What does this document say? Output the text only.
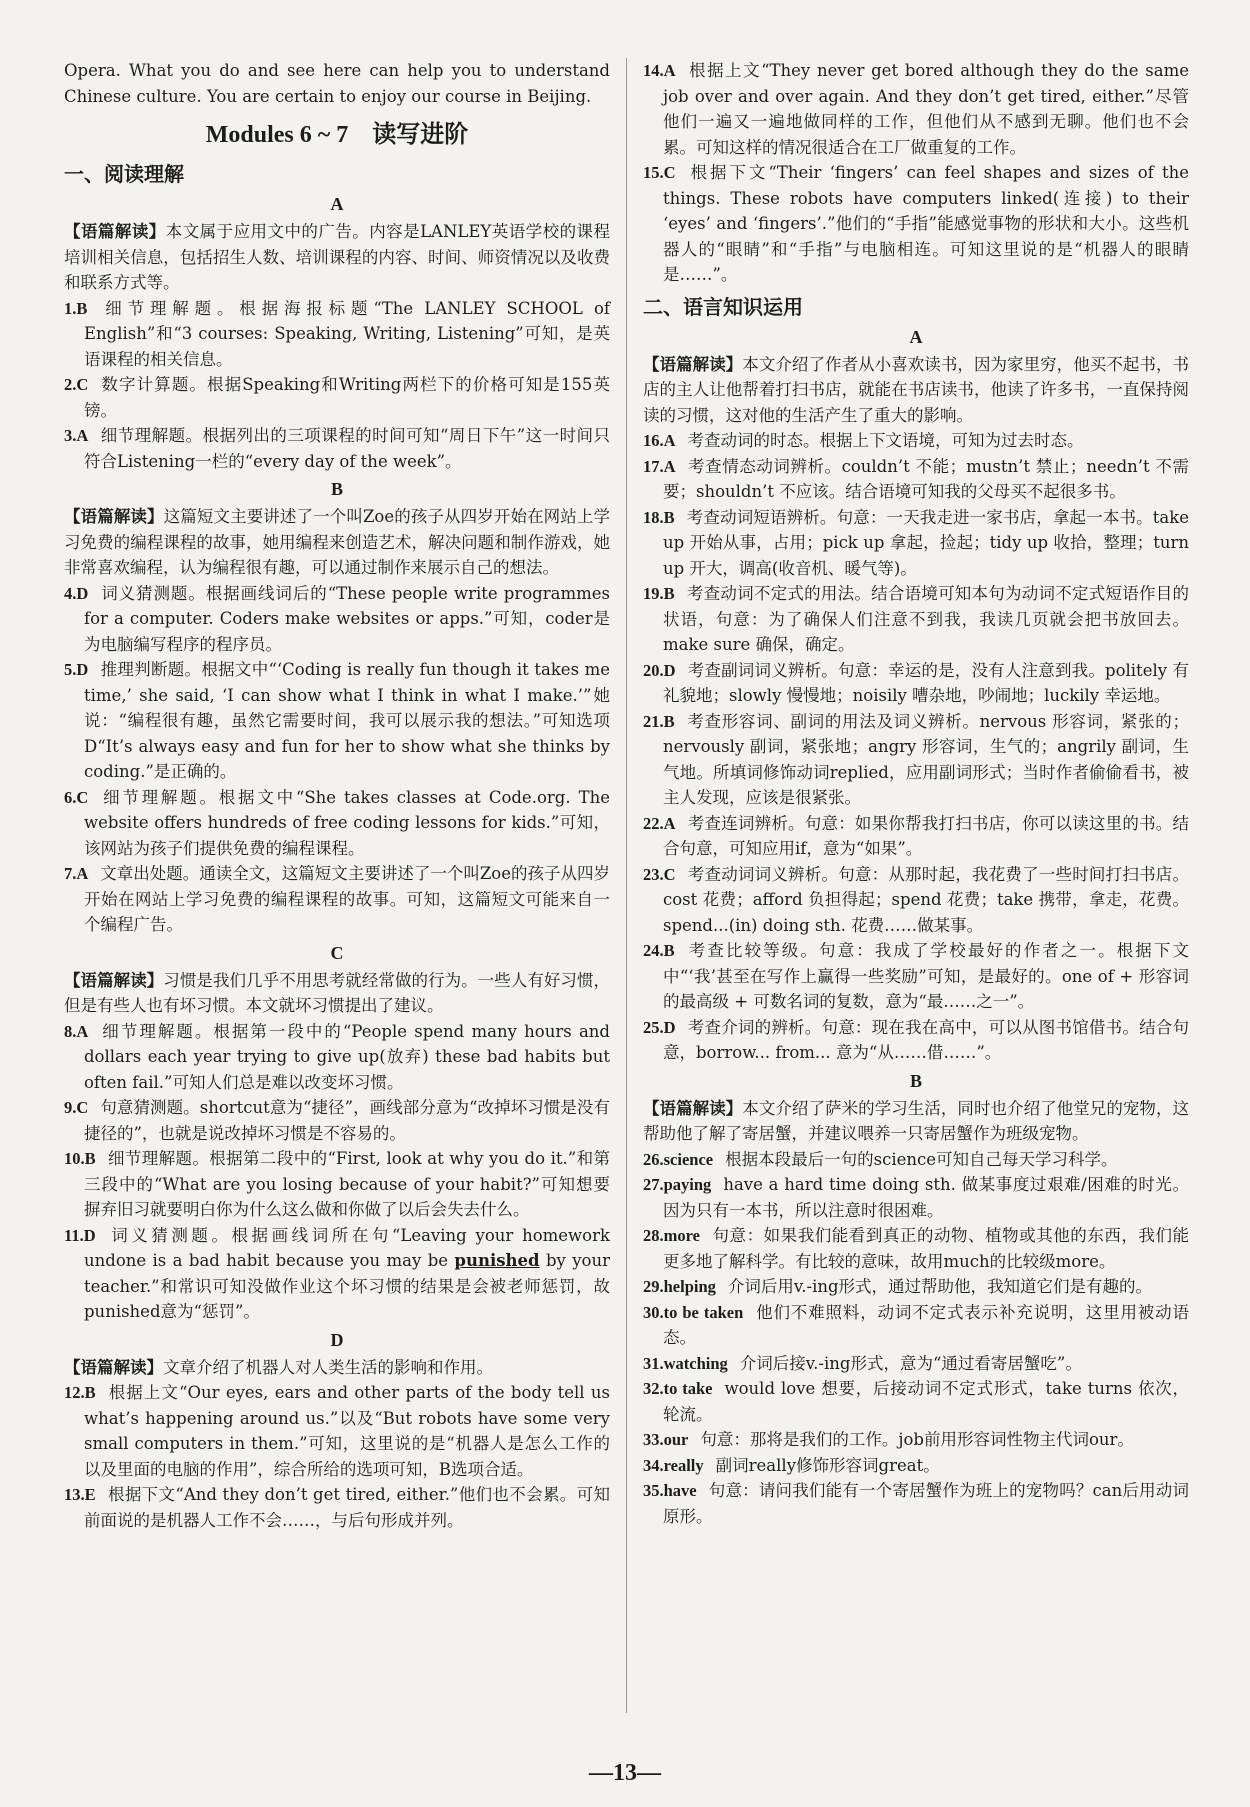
Opera. What you do and see here can help you to understand Chinese culture. You are certain to enjoy our course in Beijing.

Modules 6 ~ 7　读写进阶
一、阅读理解
A

【语篇解读】本文属于应用文中的广告。内容是LANLEY英语学校的课程培训相关信息，包括招生人数、培训课程的内容、时间、师资情况以及收费和联系方式等。

1.B 细节理解题。根据海报标题“The LANLEY SCHOOL of English”和“3 courses: Speaking, Writing, Listening”可知，是英语课程的相关信息。

2.C 数字计算题。根据Speaking和Writing两栏下的价格可知是155英镑。

3.A 细节理解题。根据列出的三项课程的时间可知“周日下午”这一时间只符合Listening一栏的“every day of the week”。

B

【语篇解读】这篇短文主要讲述了一个叫Zoe的孩子从四岁开始在网站上学习免费的编程课程的故事，她用编程来创造艺术，解决问题和制作游戏，她非常喜欢编程，认为编程很有趣，可以通过制作来展示自己的想法。

4.D 词义猜测题。根据画线词后的“These people write programmes for a computer. Coders make websites or apps.”可知，coder是为电脑编写程序的程序员。

5.D 推理判断题。根据文中“‘Coding is really fun though it takes me time,’ she said, ‘I can show what I think in what I make.’”她说：“编程很有趣，虽然它需要时间，我可以展示我的想法。”可知选项D“It’s always easy and fun for her to show what she thinks by coding.”是正确的。

6.C 细节理解题。根据文中“She takes classes at Code.org. The website offers hundreds of free coding lessons for kids.”可知，该网站为孩子们提供免费的编程课程。

7.A 文章出处题。通读全文，这篇短文主要讲述了一个叫Zoe的孩子从四岁开始在网站上学习免费的编程课程的故事。可知，这篇短文可能来自一个编程广告。

C

【语篇解读】习惯是我们几乎不用思考就经常做的行为。一些人有好习惯，但是有些人也有坏习惯。本文就坏习惯提出了建议。

8.A 细节理解题。根据第一段中的“People spend many hours and dollars each year trying to give up(放弃) these bad habits but often fail.”可知人们总是难以改变坏习惯。

9.C 句意猜测题。shortcut意为“捷径”，画线部分意为“改掉坏习惯是没有捷径的”，也就是说改掉坏习惯是不容易的。

10.B 细节理解题。根据第二段中的“First, look at why you do it.”和第三段中的“What are you losing because of your habit?”可知想要摒弃旧习就要明白你为什么这么做和你做了以后会失去什么。

11.D 词义猜测题。根据画线词所在句“Leaving your homework undone is a bad habit because you may be punished by your teacher.”和常识可知没做作业这个坏习惯的结果是会被老师惩罚，故punished意为“惩罚”。

D

【语篇解读】文章介绍了机器人对人类生活的影响和作用。

12.B 根据上文“Our eyes, ears and other parts of the body tell us what’s happening around us.”以及“But robots have some very small computers in them.”可知，这里说的是“机器人是怎么工作的以及里面的电脑的作用”，综合所给的选项可知，B选项合适。

13.E 根据下文“And they don’t get tired, either.”他们也不会累。可知前面说的是机器人工作不会……，与后句形成并列。

14.A 根据上文“They never get bored although they do the same job over and over again. And they don’t get tired, either.”尽管他们一遍又一遍地做同样的工作，但他们从不感到无聊。他们也不会累。可知这样的情况很适合在工厂做重复的工作。

15.C 根据下文“Their ‘fingers’ can feel shapes and sizes of the things. These robots have computers linked(连接) to their ‘eyes’ and ‘fingers’.”他们的“手指”能感觉事物的形状和大小。这些机器人的“眼睛”和“手指”与电脑相连。可知这里说的是“机器人的眼睛是……”。

二、语言知识运用
A

【语篇解读】本文介绍了作者从小喜欢读书，因为家里穷，他买不起书，书店的主人让他帮着打扫书店，就能在书店读书，他读了许多书，一直保持阅读的习惯，这对他的生活产生了重大的影响。

16.A 考查动词的时态。根据上下文语境，可知为过去时态。

17.A 考查情态动词辨析。couldn’t 不能；mustn’t 禁止；needn’t 不需要；shouldn’t 不应该。结合语境可知我的父母买不起很多书。

18.B 考查动词短语辨析。句意：一天我走进一家书店，拿起一本书。take up 开始从事，占用；pick up 拿起，捡起；tidy up 收拾，整理；turn up 开大，调高(收音机、暖气等)。

19.B 考查动词不定式的用法。结合语境可知本句为动词不定式短语作目的状语，句意：为了确保人们注意不到我，我读几页就会把书放回去。make sure 确保，确定。

20.D 考查副词词义辨析。句意：幸运的是，没有人注意到我。politely 有礼貌地；slowly 慢慢地；noisily 嘈杂地，吵闹地；luckily 幸运地。

21.B 考查形容词、副词的用法及词义辨析。nervous 形容词，紧张的；nervously 副词，紧张地；angry 形容词，生气的；angrily 副词，生气地。所填词修饰动词replied，应用副词形式；当时作者偷偷看书，被主人发现，应该是很紧张。

22.A 考查连词辨析。句意：如果你帮我打扫书店，你可以读这里的书。结合句意，可知应用if，意为“如果”。

23.C 考查动词词义辨析。句意：从那时起，我花费了一些时间打扫书店。cost 花费；afford 负担得起；spend 花费；take 携带，拿走，花费。spend...(in) doing sth. 花费……做某事。

24.B 考查比较等级。句意：我成了学校最好的作者之一。根据下文中“‘我’甚至在写作上赢得一些奖励”可知，是最好的。one of + 形容词的最高级 + 可数名词的复数，意为“最……之一”。

25.D 考查介词的辨析。句意：现在我在高中，可以从图书馆借书。结合句意，borrow... from... 意为“从……借……”。

B

【语篇解读】本文介绍了萨米的学习生活，同时也介绍了他堂兄的宠物，这帮助他了解了寄居蟹，并建议喂养一只寄居蟹作为班级宠物。

26.science 根据本段最后一句的science可知自己每天学习科学。

27.paying have a hard time doing sth. 做某事度过艰难/困难的时光。因为只有一本书，所以注意时很困难。

28.more 句意：如果我们能看到真正的动物、植物或其他的东西，我们能更多地了解科学。有比较的意味，故用much的比较级more。

29.helping 介词后用v.-ing形式，通过帮助他，我知道它们是有趣的。

30.to be taken 他们不难照料，动词不定式表示补充说明，这里用被动语态。

31.watching 介词后接v.-ing形式，意为“通过看寄居蟹吃”。

32.to take would love 想要，后接动词不定式形式，take turns 依次，轮流。

33.our 句意：那将是我们的工作。job前用形容词性物主代词our。

34.really 副词really修饰形容词great。

35.have 句意：请问我们能有一个寄居蟹作为班上的宠物吗？can后用动词原形。

—13—
